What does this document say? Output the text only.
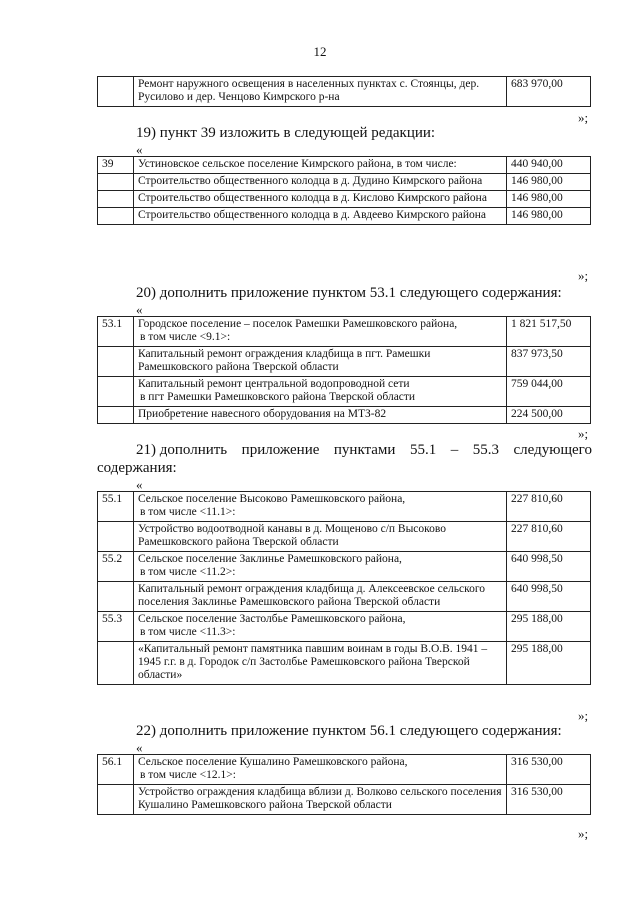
12
	Ремонт наружного освещения в населенных пунктах с. Стоянцы, дер. Русилово и дер. Ченцово Кимрского р-на	683 970,00
»;
19) пункт 39 изложить в следующей редакции:
«
39	Устиновское сельское поселение Кимрского района, в том числе:	440 940,00
	Строительство общественного колодца в д. Дудино Кимрского района	146 980,00
	Строительство общественного колодца в д. Кислово Кимрского района	146 980,00
	Строительство общественного колодца в д. Авдеево Кимрского района	146 980,00
»;
20) дополнить приложение пунктом 53.1 следующего содержания:
«
53.1	Городское поселение – поселок Рамешки Рамешковского района,
в том числе <9.1>:	1 821 517,50
	Капитальный ремонт ограждения кладбища в пгт. Рамешки Рамешковского района Тверской области	837 973,50

	Капитальный ремонт центральной водопроводной сети
в пгт Рамешки Рамешковского района Тверской области	759 044,00
	Приобретение навесного оборудования на МТЗ-82	224 500,00
»;
21) дополнить приложение пунктами 55.1 – 55.3 следующего
содержания:
«
55.1	Сельское поселение Высоково Рамешковского района,
в том числе <11.1>:	227 810,60
	Устройство водоотводной канавы в д. Мощеново с/п Высоково Рамешковского района Тверской области	227 810,60
55.2	Сельское поселение Заклинье Рамешковского района,
в том числе <11.2>:	640 998,50
	Капитальный ремонт ограждения кладбища д. Алексеевское сельского поселения Заклинье Рамешковского района Тверской области	640 998,50
55.3	Сельское поселение Застолбье Рамешковского района,
в том числе <11.3>:	295 188,00
	«Капитальный ремонт памятника павшим воинам в годы В.О.В. 1941 – 1945 г.г. в д. Городок с/п Застолбье Рамешковского района Тверской области»	295 188,00
»;
22) дополнить приложение пунктом 56.1 следующего содержания:
«
56.1	Сельское поселение Кушалино Рамешковского района,
в том числе <12.1>:	316 530,00
	Устройство ограждения кладбища вблизи д. Волково сельского поселения Кушалино Рамешковского района Тверской области	316 530,00
»;
